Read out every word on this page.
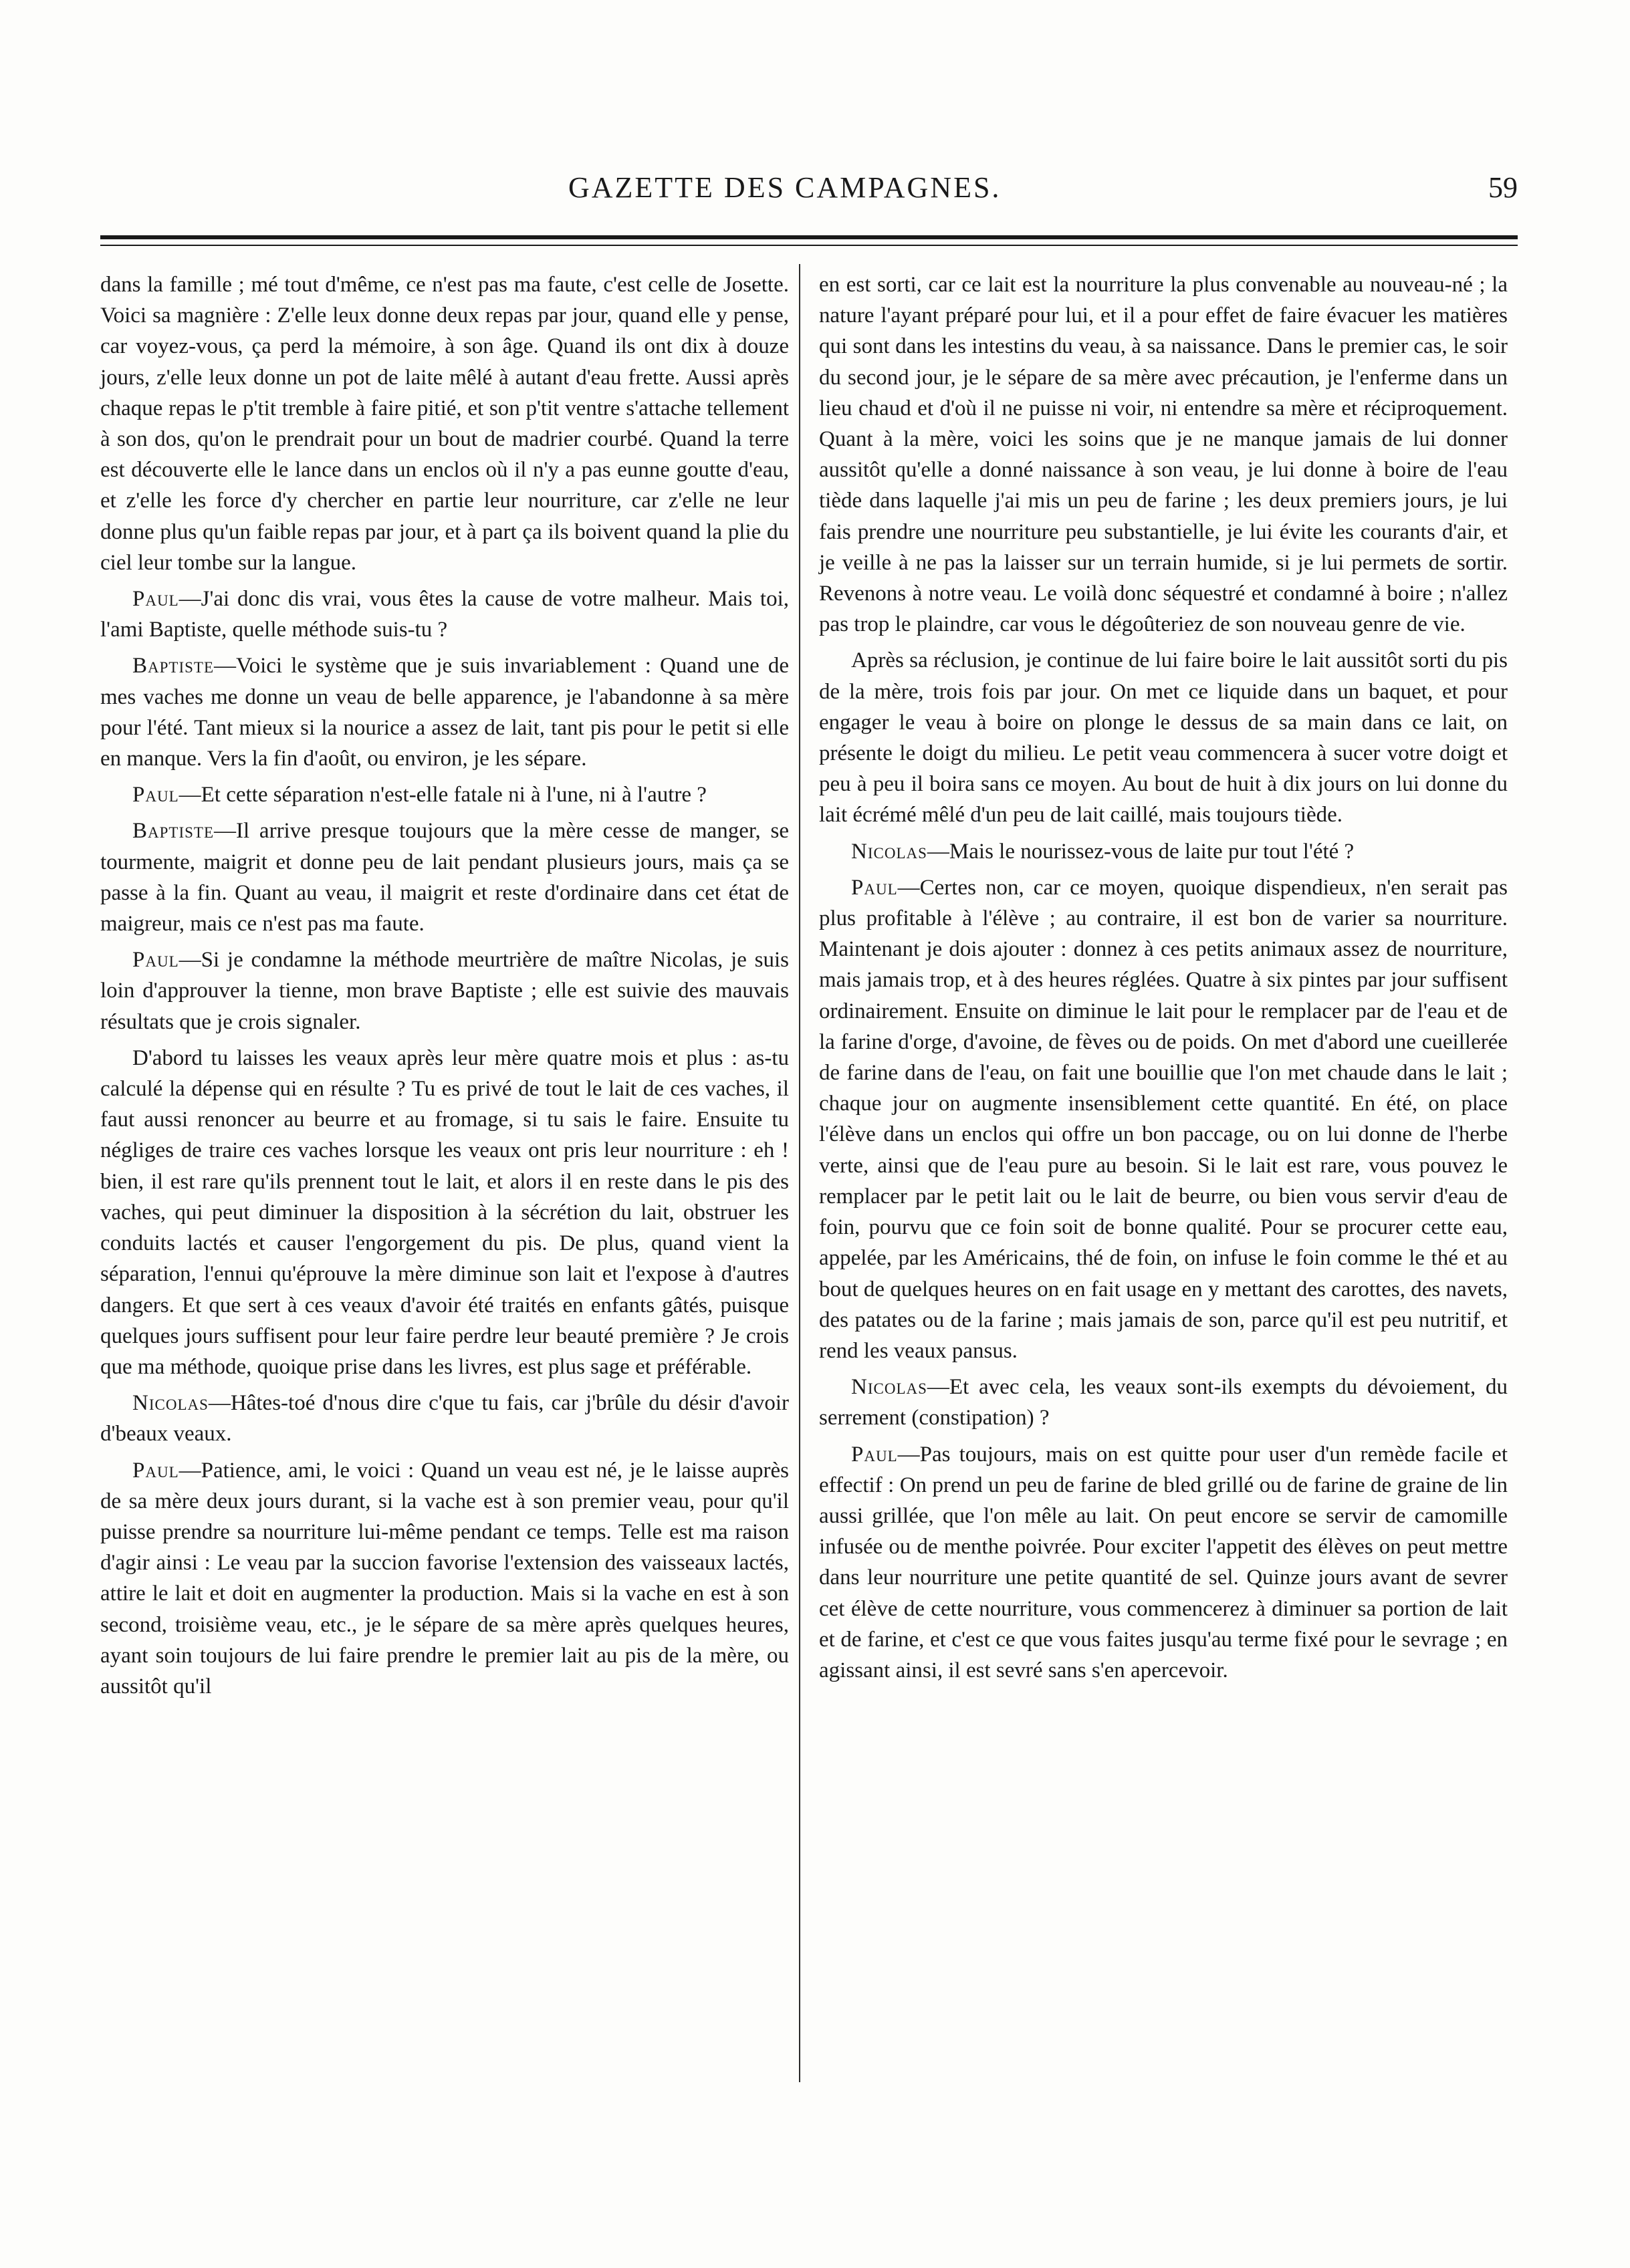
GAZETTE DES CAMPAGNES.	59

dans la famille ; mé tout d'même, ce n'est pas ma faute, c'est celle de Josette. Voici sa magnière : Z'elle leux donne deux repas par jour, quand elle y pense, car voyez-vous, ça perd la mémoire, à son âge. Quand ils ont dix à douze jours, z'elle leux donne un pot de laite mêlé à autant d'eau frette. Aussi après chaque repas le p'tit tremble à faire pitié, et son p'tit ventre s'attache tellement à son dos, qu'on le prendrait pour un bout de madrier courbé. Quand la terre est découverte elle le lance dans un enclos où il n'y a pas eunne goutte d'eau, et z'elle les force d'y chercher en partie leur nourriture, car z'elle ne leur donne plus qu'un faible repas par jour, et à part ça ils boivent quand la plie du ciel leur tombe sur la langue.

Paul—J'ai donc dis vrai, vous êtes la cause de votre malheur. Mais toi, l'ami Baptiste, quelle méthode suis-tu ?

Baptiste—Voici le système que je suis invariablement : Quand une de mes vaches me donne un veau de belle apparence, je l'abandonne à sa mère pour l'été. Tant mieux si la nourice a assez de lait, tant pis pour le petit si elle en manque. Vers la fin d'août, ou environ, je les sépare.

Paul—Et cette séparation n'est-elle fatale ni à l'une, ni à l'autre ?

Baptiste—Il arrive presque toujours que la mère cesse de manger, se tourmente, maigrit et donne peu de lait pendant plusieurs jours, mais ça se passe à la fin. Quant au veau, il maigrit et reste d'ordinaire dans cet état de maigreur, mais ce n'est pas ma faute.

Paul—Si je condamne la méthode meurtrière de maître Nicolas, je suis loin d'approuver la tienne, mon brave Baptiste ; elle est suivie des mauvais résultats que je crois signaler.

D'abord tu laisses les veaux après leur mère quatre mois et plus : as-tu calculé la dépense qui en résulte ? Tu es privé de tout le lait de ces vaches, il faut aussi renoncer au beurre et au fromage, si tu sais le faire. Ensuite tu négliges de traire ces vaches lorsque les veaux ont pris leur nourriture : eh ! bien, il est rare qu'ils prennent tout le lait, et alors il en reste dans le pis des vaches, qui peut diminuer la disposition à la sécrétion du lait, obstruer les conduits lactés et causer l'engorgement du pis. De plus, quand vient la séparation, l'ennui qu'éprouve la mère diminue son lait et l'expose à d'autres dangers. Et que sert à ces veaux d'avoir été traités en enfants gâtés, puisque quelques jours suffisent pour leur faire perdre leur beauté première ? Je crois que ma méthode, quoique prise dans les livres, est plus sage et préférable.

Nicolas—Hâtes-toé d'nous dire c'que tu fais, car j'brûle du désir d'avoir d'beaux veaux.

Paul—Patience, ami, le voici : Quand un veau est né, je le laisse auprès de sa mère deux jours durant, si la vache est à son premier veau, pour qu'il puisse prendre sa nourriture lui-même pendant ce temps. Telle est ma raison d'agir ainsi : Le veau par la succion favorise l'extension des vaisseaux lactés, attire le lait et doit en augmenter la production. Mais si la vache en est à son second, troisième veau, etc., je le sépare de sa mère après quelques heures, ayant soin toujours de lui faire prendre le premier lait au pis de la mère, ou aussitôt qu'il

en est sorti, car ce lait est la nourriture la plus convenable au nouveau-né ; la nature l'ayant préparé pour lui, et il a pour effet de faire évacuer les matières qui sont dans les intestins du veau, à sa naissance. Dans le premier cas, le soir du second jour, je le sépare de sa mère avec précaution, je l'enferme dans un lieu chaud et d'où il ne puisse ni voir, ni entendre sa mère et réciproquement. Quant à la mère, voici les soins que je ne manque jamais de lui donner aussitôt qu'elle a donné naissance à son veau, je lui donne à boire de l'eau tiède dans laquelle j'ai mis un peu de farine ; les deux premiers jours, je lui fais prendre une nourriture peu substantielle, je lui évite les courants d'air, et je veille à ne pas la laisser sur un terrain humide, si je lui permets de sortir. Revenons à notre veau. Le voilà donc séquestré et condamné à boire ; n'allez pas trop le plaindre, car vous le dégoûteriez de son nouveau genre de vie.

Après sa réclusion, je continue de lui faire boire le lait aussitôt sorti du pis de la mère, trois fois par jour. On met ce liquide dans un baquet, et pour engager le veau à boire on plonge le dessus de sa main dans ce lait, on présente le doigt du milieu. Le petit veau commencera à sucer votre doigt et peu à peu il boira sans ce moyen. Au bout de huit à dix jours on lui donne du lait écrémé mêlé d'un peu de lait caillé, mais toujours tiède.

Nicolas—Mais le nourissez-vous de laite pur tout l'été ?

Paul—Certes non, car ce moyen, quoique dispendieux, n'en serait pas plus profitable à l'élève ; au contraire, il est bon de varier sa nourriture. Maintenant je dois ajouter : donnez à ces petits animaux assez de nourriture, mais jamais trop, et à des heures réglées. Quatre à six pintes par jour suffisent ordinairement. Ensuite on diminue le lait pour le remplacer par de l'eau et de la farine d'orge, d'avoine, de fèves ou de poids. On met d'abord une cueillerée de farine dans de l'eau, on fait une bouillie que l'on met chaude dans le lait ; chaque jour on augmente insensiblement cette quantité. En été, on place l'élève dans un enclos qui offre un bon paccage, ou on lui donne de l'herbe verte, ainsi que de l'eau pure au besoin. Si le lait est rare, vous pouvez le remplacer par le petit lait ou le lait de beurre, ou bien vous servir d'eau de foin, pourvu que ce foin soit de bonne qualité. Pour se procurer cette eau, appelée, par les Américains, thé de foin, on infuse le foin comme le thé et au bout de quelques heures on en fait usage en y mettant des carottes, des navets, des patates ou de la farine ; mais jamais de son, parce qu'il est peu nutritif, et rend les veaux pansus.

Nicolas—Et avec cela, les veaux sont-ils exempts du dévoiement, du serrement (constipation) ?

Paul—Pas toujours, mais on est quitte pour user d'un remède facile et effectif : On prend un peu de farine de bled grillé ou de farine de graine de lin aussi grillée, que l'on mêle au lait. On peut encore se servir de camomille infusée ou de menthe poivrée. Pour exciter l'appetit des élèves on peut mettre dans leur nourriture une petite quantité de sel. Quinze jours avant de sevrer cet élève de cette nourriture, vous commencerez à diminuer sa portion de lait et de farine, et c'est ce que vous faites jusqu'au terme fixé pour le sevrage ; en agissant ainsi, il est sevré sans s'en apercevoir.
